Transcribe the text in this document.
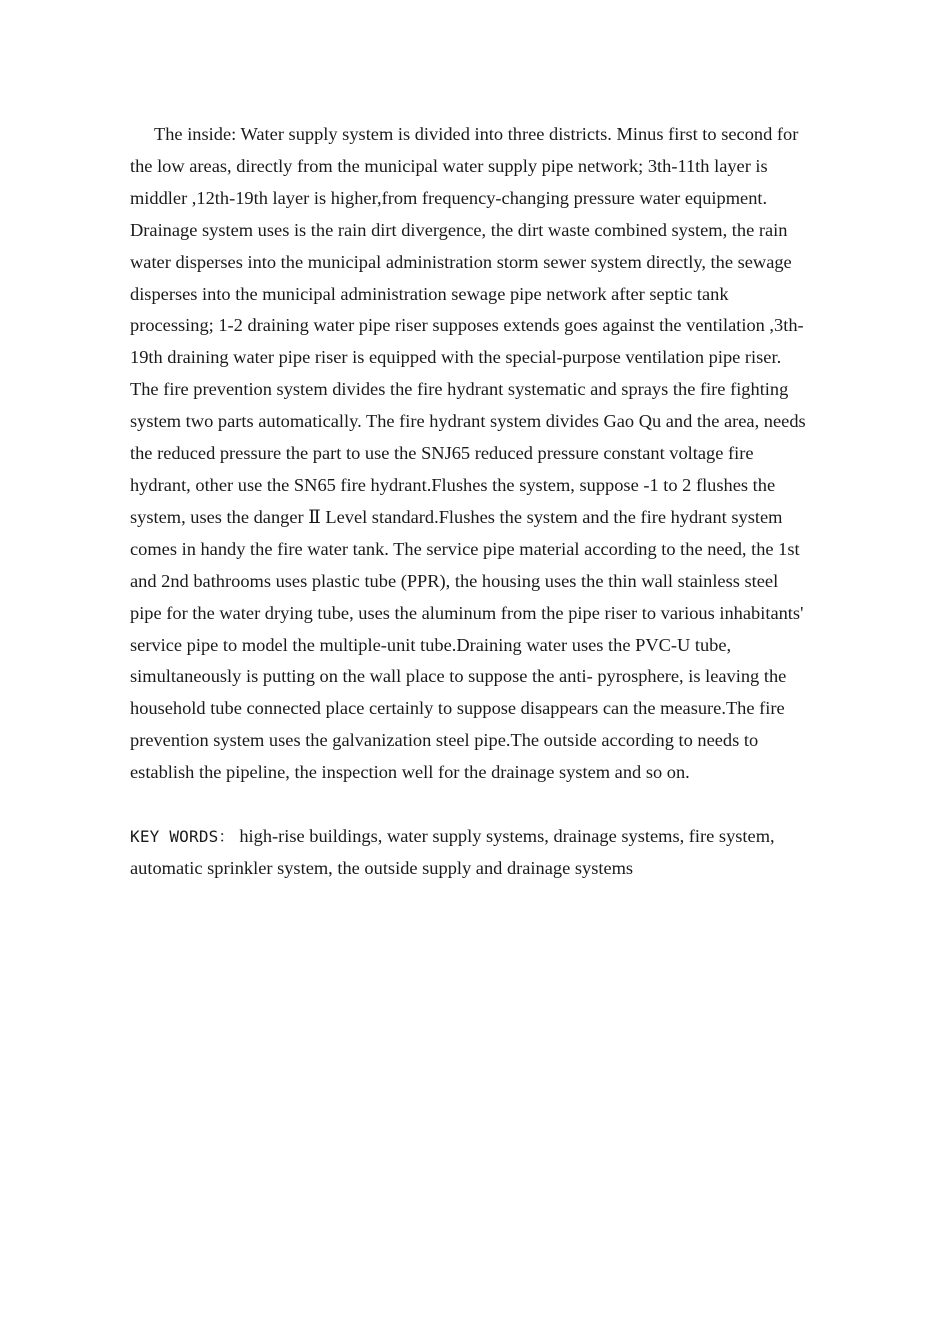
The inside: Water supply system is divided into three districts. Minus first to second for the low areas, directly from the municipal water supply pipe network; 3th-11th layer is middler ,12th-19th layer is higher,from frequency-changing pressure water equipment. Drainage system uses is the rain dirt divergence, the dirt waste combined system, the rain water disperses into the municipal administration storm sewer system directly, the sewage disperses into the municipal administration sewage pipe network after septic tank processing; 1-2 draining water pipe riser supposes extends goes against the ventilation ,3th-19th draining water pipe riser is equipped with the special-purpose ventilation pipe riser. The fire prevention system divides the fire hydrant systematic and sprays the fire fighting system two parts automatically. The fire hydrant system divides Gao Qu and the area, needs the reduced pressure the part to use the SNJ65 reduced pressure constant voltage fire hydrant, other use the SN65 fire hydrant.Flushes the system, suppose -1 to 2 flushes the system, uses the danger Ⅱ Level standard.Flushes the system and the fire hydrant system comes in handy the fire water tank. The service pipe material according to the need, the 1st and 2nd bathrooms uses plastic tube (PPR), the housing uses the thin wall stainless steel pipe for the water drying tube, uses the aluminum from the pipe riser to various inhabitants' service pipe to model the multiple-unit tube.Draining water uses the PVC-U tube, simultaneously is putting on the wall place to suppose the anti- pyrosphere, is leaving the household tube connected place certainly to suppose disappears can the measure.The fire prevention system uses the galvanization steel pipe.The outside according to needs to establish the pipeline, the inspection well for the drainage system and so on.

KEY WORDS： high-rise buildings, water supply systems, drainage systems, fire system, automatic sprinkler system, the outside supply and drainage systems
